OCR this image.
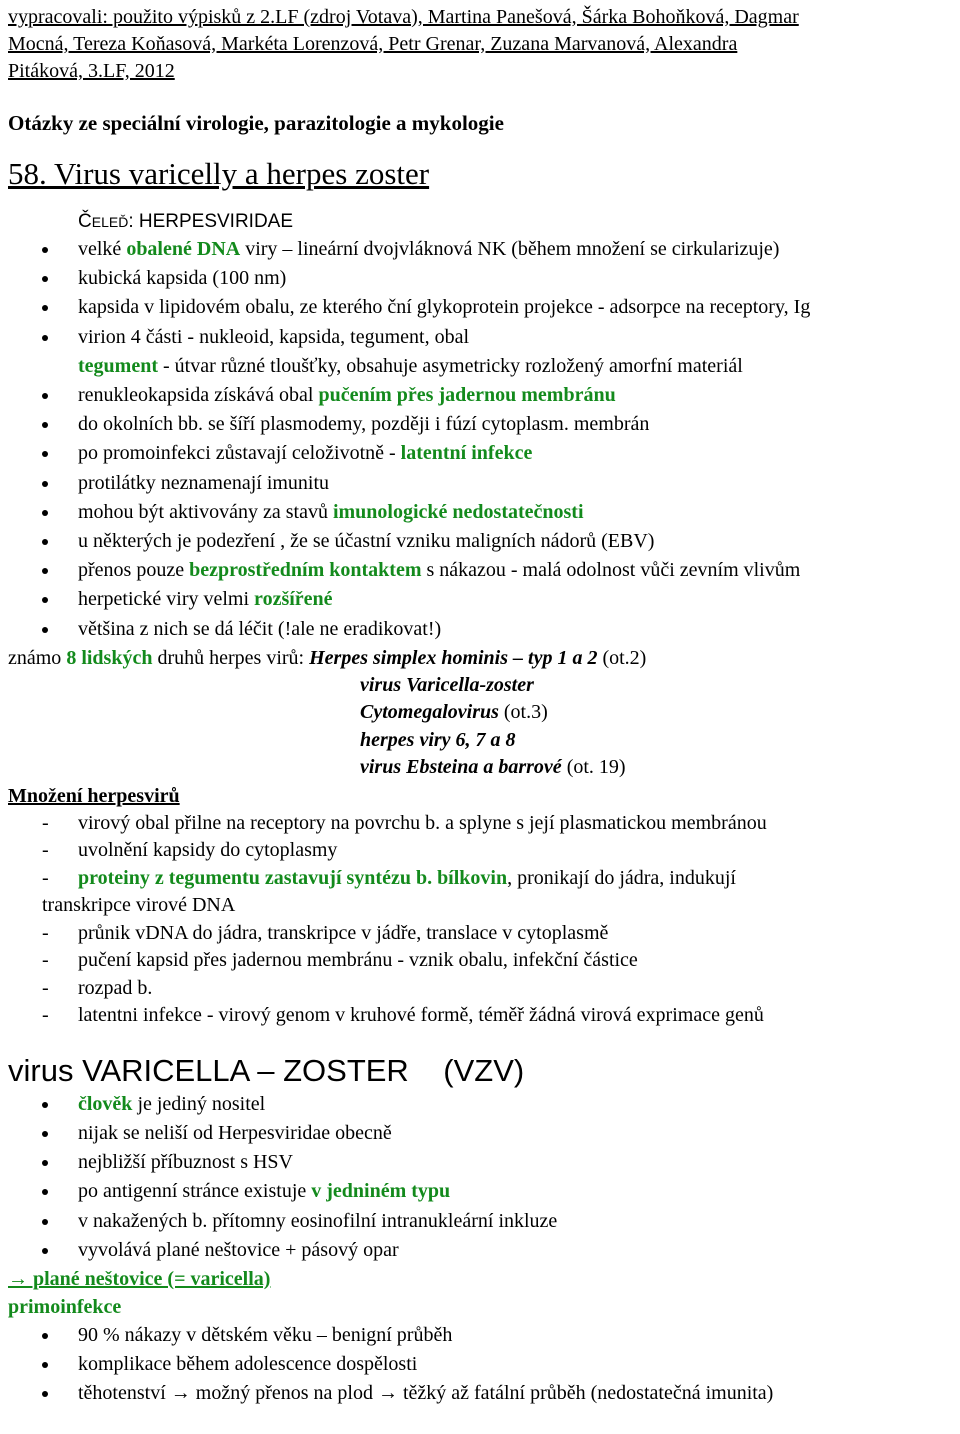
vypracovali: použito výpisků z 2.LF (zdroj Votava), Martina Panešová, Šárka Bohoňková, Dagmar
Mocná, Tereza Koňasová, Markéta Lorenzová, Petr Grenar, Zuzana Marvanová, Alexandra
Pitáková, 3.LF, 2012
Otázky ze speciální virologie, parazitologie a mykologie
58. Virus varicelly a herpes zoster
ČELEĎ: HERPESVIRIDAE
velké obalené DNA viry – lineární dvojvláknová NK (během množení se cirkularizuje)
kubická kapsida (100 nm)
kapsida v lipidovém obalu, ze kterého ční glykoprotein projekce - adsorpce na receptory, Ig
virion 4 části - nukleoid, kapsida, tegument, obal
tegument - útvar různé tloušťky, obsahuje asymetricky rozložený amorfní materiál
renukleokapsida získává obal pučením přes jadernou membránu
do okolních bb. se šíří plasmodemy, později i fúzí cytoplasm. membrán
po promoinfekci zůstavají celoživotně - latentní infekce
protilátky neznamenají imunitu
mohou být aktivovány za stavů imunologické nedostatečnosti
u některých je podezření , že se účastní vzniku maligních nádorů (EBV)
přenos pouze bezprostředním kontaktem s nákazou - malá odolnost vůči zevním vlivům
herpetické viry velmi rozšířené
většina z nich se dá léčit (!ale ne eradikovat!)
známo 8 lidských druhů herpes virů: Herpes simplex hominis – typ 1 a 2 (ot.2)
virus Varicella-zoster
Cytomegalovirus (ot.3)
herpes viry 6, 7 a 8
virus Ebsteina a barrové (ot. 19)
Množení herpesvirů
- virový obal přilne na receptory na povrchu b. a splyne s její plasmatickou membránou
- uvolnění kapsidy do cytoplasmy
- proteiny z tegumentu zastavují syntézu b. bílkovin, pronikají do jádra, indukují
transkripce virové DNA
- průnik vDNA do jádra, transkripce v jádře, translace v cytoplasmě
- pučení kapsid přes jadernou membránu - vznik obalu, infekční částice
- rozpad b.
- latentni infekce - virový genom v kruhové formě, téměř žádná virová exprimace genů
virus VARICELLA – ZOSTER    (VZV)
člověk je jediný nositel
nijak se neliší od Herpesviridae obecně
nejbližší příbuznost s HSV
po antigenní stránce existuje v jedniném typu
v nakažených b. přítomny eosinofilní intranukleární inkluze
vyvolává plané neštovice + pásový opar
→ plané neštovice (= varicella)
primoinfekce
90 % nákazy v dětském věku – benigní průběh
komplikace během adolescence dospělosti
těhotenství → možný přenos na plod → těžký až fatální průběh (nedostatečná imunita)
